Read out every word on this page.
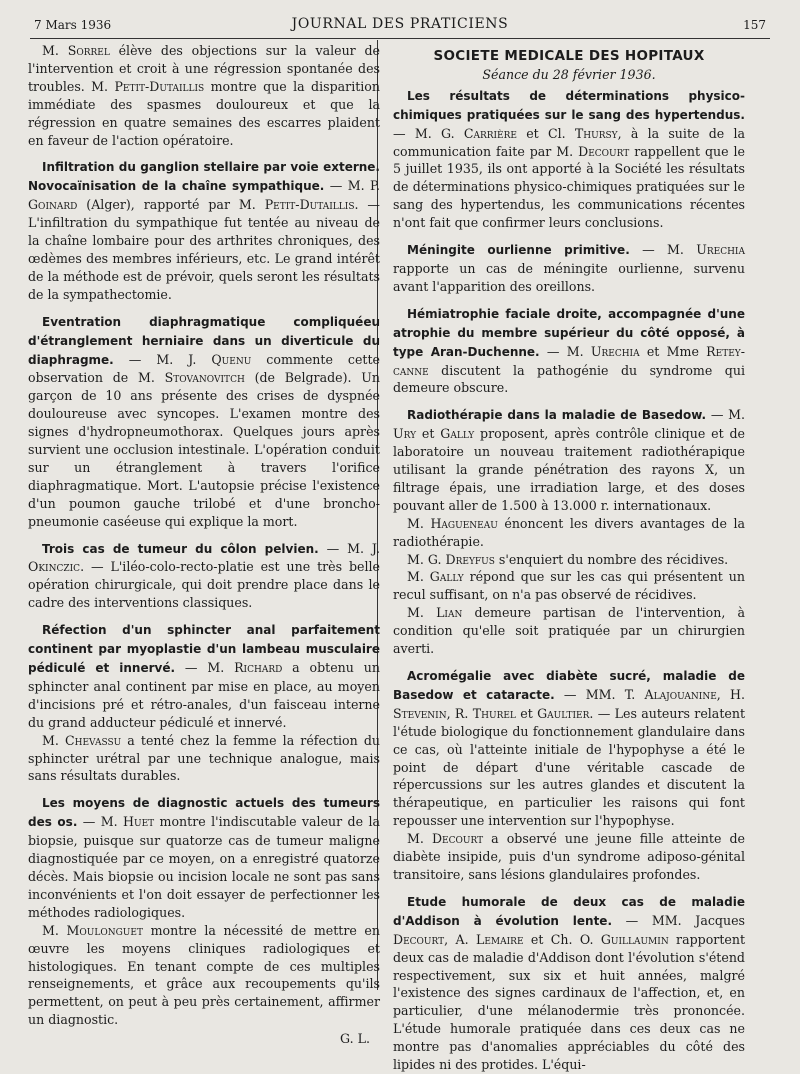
7 Mars 1936	JOURNAL DES PRATICIENS	157

M. Sorrel élève des objections sur la valeur de l'intervention et croit à une régression spontanée des troubles. M. Petit-Dutaillis montre que la disparition immédiate des spasmes douloureux et que la régression en quatre semaines des escarres plaident en faveur de l'action opératoire.

Infiltration du ganglion stellaire par voie externe. Novocaïnisation de la chaîne sympathique. — M. P. Goinard (Alger), rapporté par M. Petit-Dutaillis. — L'infiltration du sympathique fut tentée au niveau de la chaîne lombaire pour des arthrites chroniques, des œdèmes des membres inférieurs, etc. Le grand intérêt de la méthode est de prévoir, quels seront les résultats de la sympathectomie.

Eventration diaphragmatique compliquéeu d'étranglement herniaire dans un diverticule du diaphragme. — M. J. Quenu commente cette observation de M. Stovanovitch (de Belgrade). Un garçon de 10 ans présente des crises de dyspnée douloureuse avec syncopes. L'examen montre des signes d'hydropneumothorax. Quelques jours après survient une occlusion intestinale. L'opération conduit sur un étranglement à travers l'orifice diaphragmatique. Mort. L'autopsie précise l'existence d'un poumon gauche trilobé et d'une broncho-pneumonie caséeuse qui explique la mort.

Trois cas de tumeur du côlon pelvien. — M. J. Okinczic. — L'iléo-colo-recto-platie est une très belle opération chirurgicale, qui doit prendre place dans le cadre des interventions classiques.

Réfection d'un sphincter anal parfaitement continent par myoplastie d'un lambeau musculaire pédiculé et innervé. — M. Richard a obtenu un sphincter anal continent par mise en place, au moyen d'incisions pré et rétro-anales, d'un faisceau interne du grand adducteur pédiculé et innervé.

M. Chevassu a tenté chez la femme la réfection du sphincter urétral par une technique analogue, mais sans résultats durables.

Les moyens de diagnostic actuels des tumeurs des os. — M. Huet montre l'indiscutable valeur de la biopsie, puisque sur quatorze cas de tumeur maligne diagnostiquée par ce moyen, on a enregistré quatorze décès. Mais biopsie ou incision locale ne sont pas sans inconvénients et l'on doit essayer de perfectionner les méthodes radiologiques.

M. Moulonguet montre la nécessité de mettre en œuvre les moyens cliniques radiologiques et histologiques. En tenant compte de ces multiples renseignements, et grâce aux recoupements qu'ils permettent, on peut à peu près certainement, affirmer un diagnostic.

G. L.
SOCIETE MEDICALE DES HOPITAUX
Séance du 28 février 1936.

Les résultats de déterminations physico-chimiques pratiquées sur le sang des hypertendus. — M. G. Carrière et Cl. Thursy, à la suite de la communication faite par M. Decourt rappellent que le 5 juillet 1935, ils ont apporté à la Société les résultats de déterminations physico-chimiques pratiquées sur le sang des hypertendus, les communications récentes n'ont fait que confirmer leurs conclusions.

Méningite ourlienne primitive. — M. Urechia rapporte un cas de méningite ourlienne, survenu avant l'apparition des oreillons.

Hémiatrophie faciale droite, accompagnée d'une atrophie du membre supérieur du côté opposé, à type Aran-Duchenne. — M. Urechia et Mme Retey-canne discutent la pathogénie du syndrome qui demeure obscure.

Radiothérapie dans la maladie de Basedow. — M. Ury et Gally proposent, après contrôle clinique et de laboratoire un nouveau traitement radiothérapique utilisant la grande pénétration des rayons X, un filtrage épais, une irradiation large, et des doses pouvant aller de 1.500 à 13.000 r. internationaux.

M. Hagueneau énoncent les divers avantages de la radiothérapie.

M. G. Dreyfus s'enquiert du nombre des récidives.

M. Gally répond que sur les cas qui présentent un recul suffisant, on n'a pas observé de récidives.

M. Lian demeure partisan de l'intervention, à condition qu'elle soit pratiquée par un chirurgien averti.

Acromégalie avec diabète sucré, maladie de Basedow et cataracte. — MM. T. Alajouanine, H. Stevenin, R. Thurel et Gaultier. — Les auteurs relatent l'étude biologique du fonctionnement glandulaire dans ce cas, où l'atteinte initiale de l'hypophyse a été le point de départ d'une véritable cascade de répercussions sur les autres glandes et discutent la thérapeutique, en particulier les raisons qui font repousser une intervention sur l'hypophyse.

M. Decourt a observé une jeune fille atteinte de diabète insipide, puis d'un syndrome adiposo-génital transitoire, sans lésions glandulaires profondes.

Etude humorale de deux cas de maladie d'Addison à évolution lente. — MM. Jacques Decourt, A. Lemaire et Ch. O. Guillaumin rapportent deux cas de maladie d'Addison dont l'évolution s'étend respectivement, sux six et huit années, malgré l'existence des signes cardinaux de l'affection, et, en particulier, d'une mélanodermie très prononcée. L'étude humorale pratiquée dans ces deux cas ne montre pas d'anomalies appréciables du côté des lipides ni des protides. L'équi-
